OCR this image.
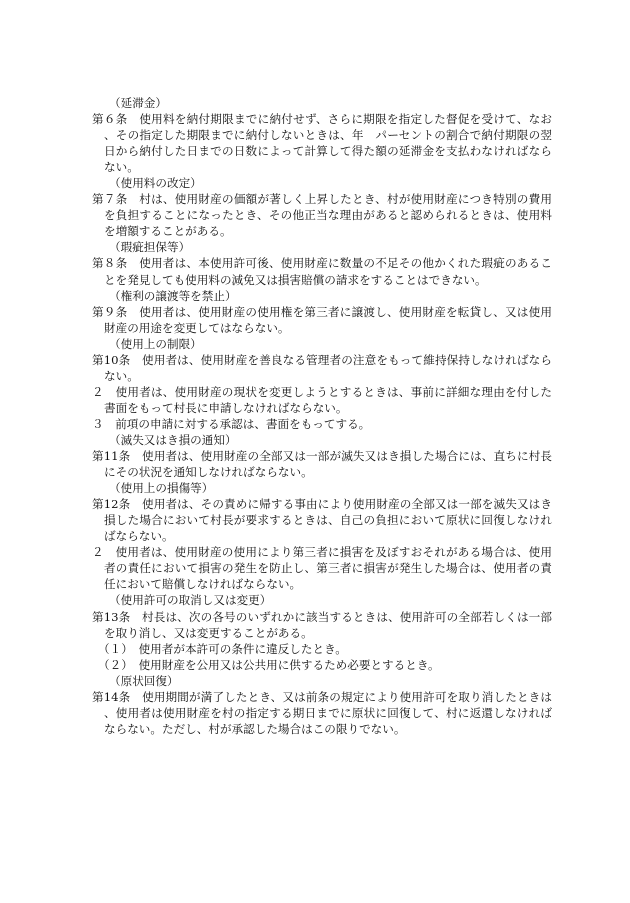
（延滞金）
第６条　使用料を納付期限までに納付せず、さらに期限を指定した督促を受けて、なお、その指定した期限までに納付しないときは、年　パーセントの割合で納付期限の翌日から納付した日までの日数によって計算して得た額の延滞金を支払わなければならない。
（使用料の改定）
第７条　村は、使用財産の価額が著しく上昇したとき、村が使用財産につき特別の費用を負担することになったとき、その他正当な理由があると認められるときは、使用料を増額することがある。
（瑕疵担保等）
第８条　使用者は、本使用許可後、使用財産に数量の不足その他かくれた瑕疵のあることを発見しても使用料の減免又は損害賠償の請求をすることはできない。
（権利の譲渡等を禁止）
第９条　使用者は、使用財産の使用権を第三者に譲渡し、使用財産を転貸し、又は使用財産の用途を変更してはならない。
（使用上の制限）
第10条　使用者は、使用財産を善良なる管理者の注意をもって維持保持しなければならない。
２　使用者は、使用財産の現状を変更しようとするときは、事前に詳細な理由を付した書面をもって村長に申請しなければならない。
３　前項の申請に対する承認は、書面をもってする。
（滅失又はき損の通知）
第11条　使用者は、使用財産の全部又は一部が滅失又はき損した場合には、直ちに村長にその状況を通知しなければならない。
（使用上の損傷等）
第12条　使用者は、その責めに帰する事由により使用財産の全部又は一部を滅失又はき損した場合において村長が要求するときは、自己の負担において原状に回復しなければならない。
２　使用者は、使用財産の使用により第三者に損害を及ぼすおそれがある場合は、使用者の責任において損害の発生を防止し、第三者に損害が発生した場合は、使用者の責任において賠償しなければならない。
（使用許可の取消し又は変更）
第13条　村長は、次の各号のいずれかに該当するときは、使用許可の全部若しくは一部を取り消し、又は変更することがある。
（１）　使用者が本許可の条件に違反したとき。
（２）　使用財産を公用又は公共用に供するため必要とするとき。
（原状回復）
第14条　使用期間が満了したとき、又は前条の規定により使用許可を取り消したときは、使用者は使用財産を村の指定する期日までに原状に回復して、村に返還しなければならない。ただし、村が承認した場合はこの限りでない。
